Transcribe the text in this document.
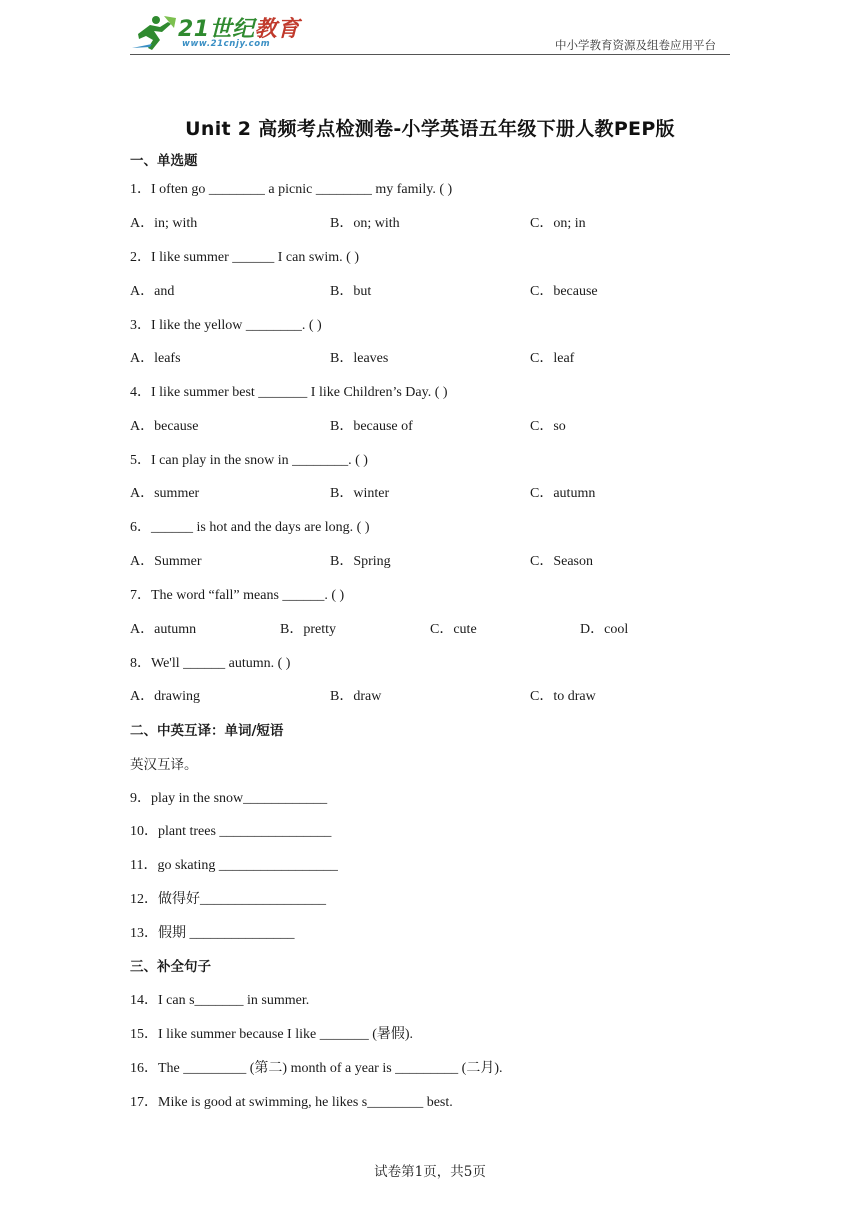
21世纪教育
www.21cnjy.com	中小学教育资源及组卷应用平台
Unit 2 高频考点检测卷-小学英语五年级下册人教PEP版
一、单选题
1．I often go ________ a picnic ________ my family. ( )
A．in; with	B．on; with	C．on; in
2．I like summer ______ I can swim. ( )
A．and	B．but	C．because
3．I like the yellow ________. ( )
A．leafs	B．leaves	C．leaf
4．I like summer best _______ I like Children’s Day. ( )
A．because	B．because of	C．so
5．I can play in the snow in ________. ( )
A．summer	B．winter	C．autumn
6．______ is hot and the days are long. ( )
A．Summer	B．Spring	C．Season
7．The word “fall” means ______. ( )
A．autumn	B．pretty	C．cute	D．cool
8．We'll ______ autumn. ( )
A．drawing	B．draw	C．to draw
二、中英互译：单词/短语
英汉互译。
9．play in the snow____________
10．plant trees ________________
11．go skating _________________
12．做得好__________________
13．假期 _______________
三、补全句子
14．I can s_______ in summer.
15．I like summer because I like _______ (暑假).
16．The _________ (第二) month of a year is _________ (二月).
17．Mike is good at swimming, he likes s________ best.
试卷第1页，共5页
